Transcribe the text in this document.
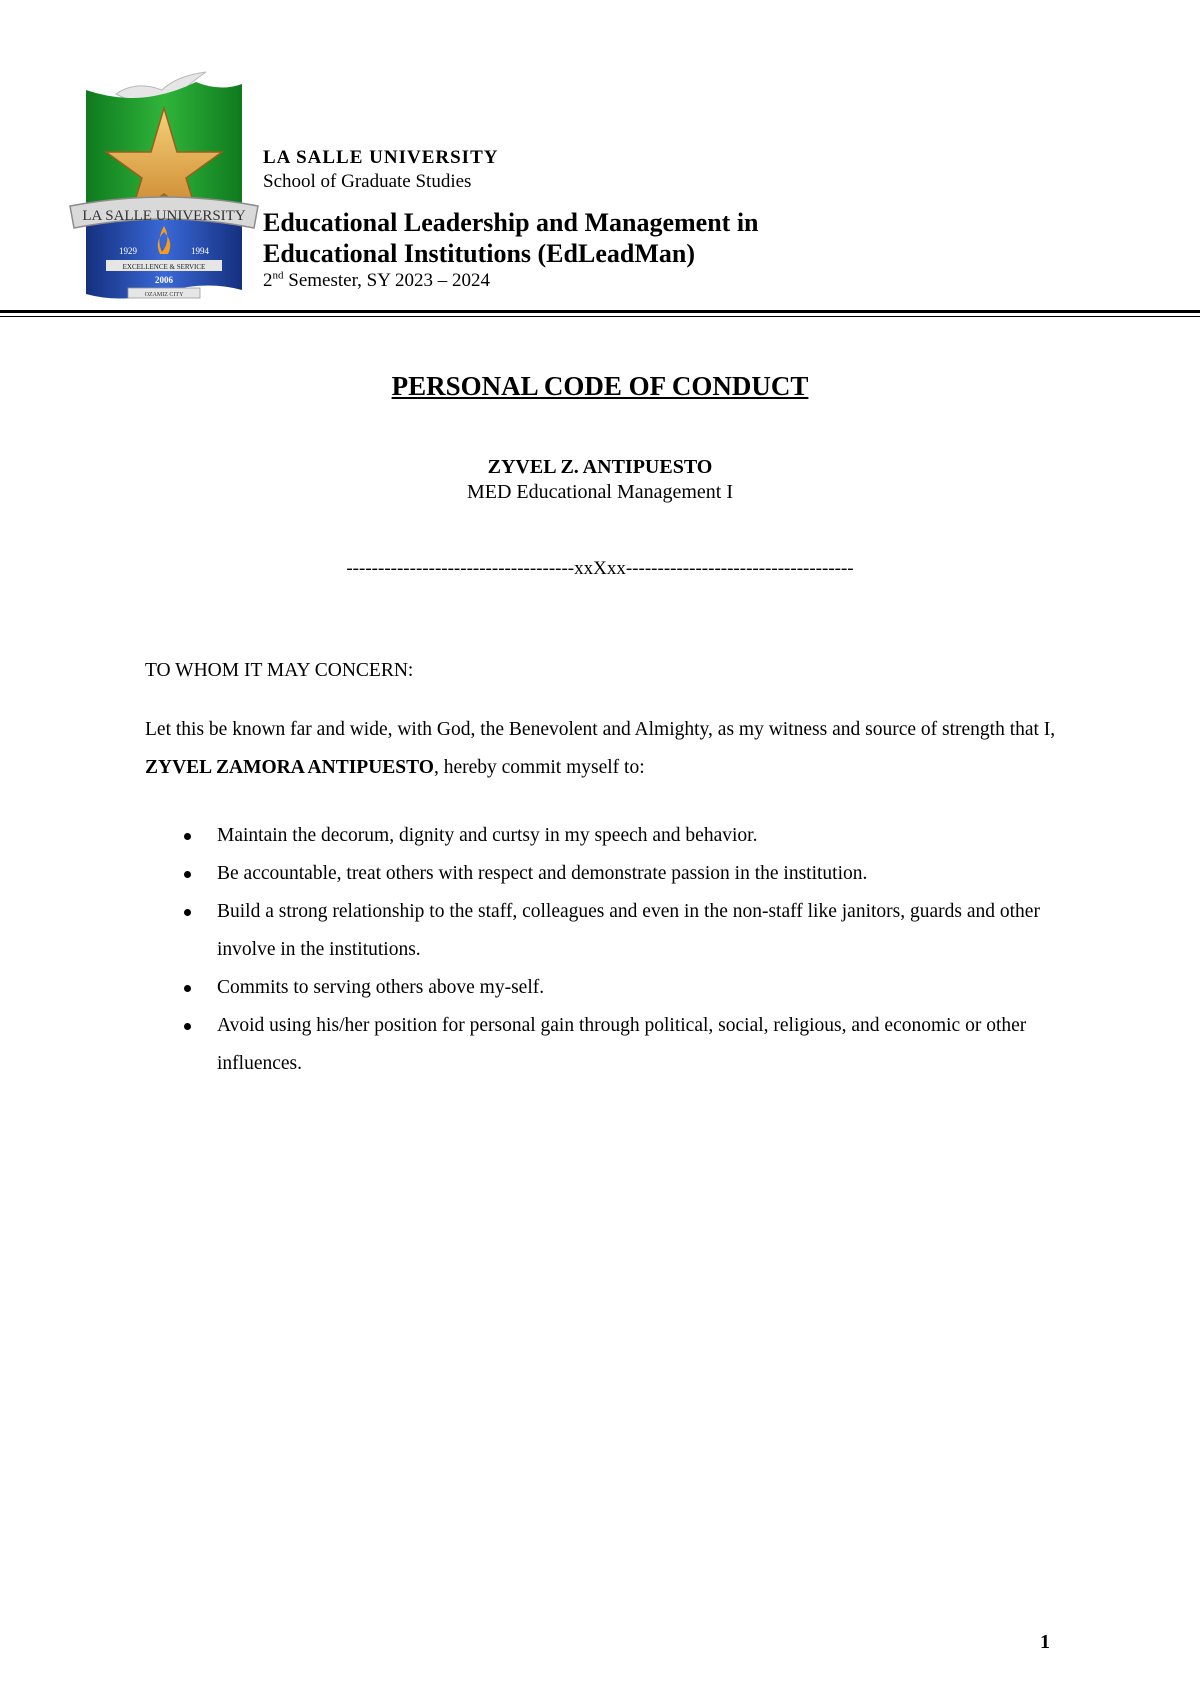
LA SALLE UNIVERSITY
1929	1994
EXCELLENCE & SERVICE
2006
OZAMIZ CITY
LA SALLE UNIVERSITY
School of Graduate Studies
Educational Leadership and Management in
Educational Institutions (EdLeadMan)
2nd Semester, SY 2023 – 2024
PERSONAL CODE OF CONDUCT
ZYVEL Z. ANTIPUESTO
MED Educational Management I
------------------------------------xxXxx------------------------------------

TO WHOM IT MAY CONCERN:

Let this be known far and wide, with God, the Benevolent and Almighty, as my witness and source of strength that I, ZYVEL ZAMORA ANTIPUESTO, hereby commit myself to:

Maintain the decorum, dignity and curtsy in my speech and behavior.
Be accountable, treat others with respect and demonstrate passion in the institution.
Build a strong relationship to the staff, colleagues and even in the non-staff like janitors, guards and other involve in the institutions.
Commits to serving others above my-self.
Avoid using his/her position for personal gain through political, social, religious, and economic or other influences.
1
